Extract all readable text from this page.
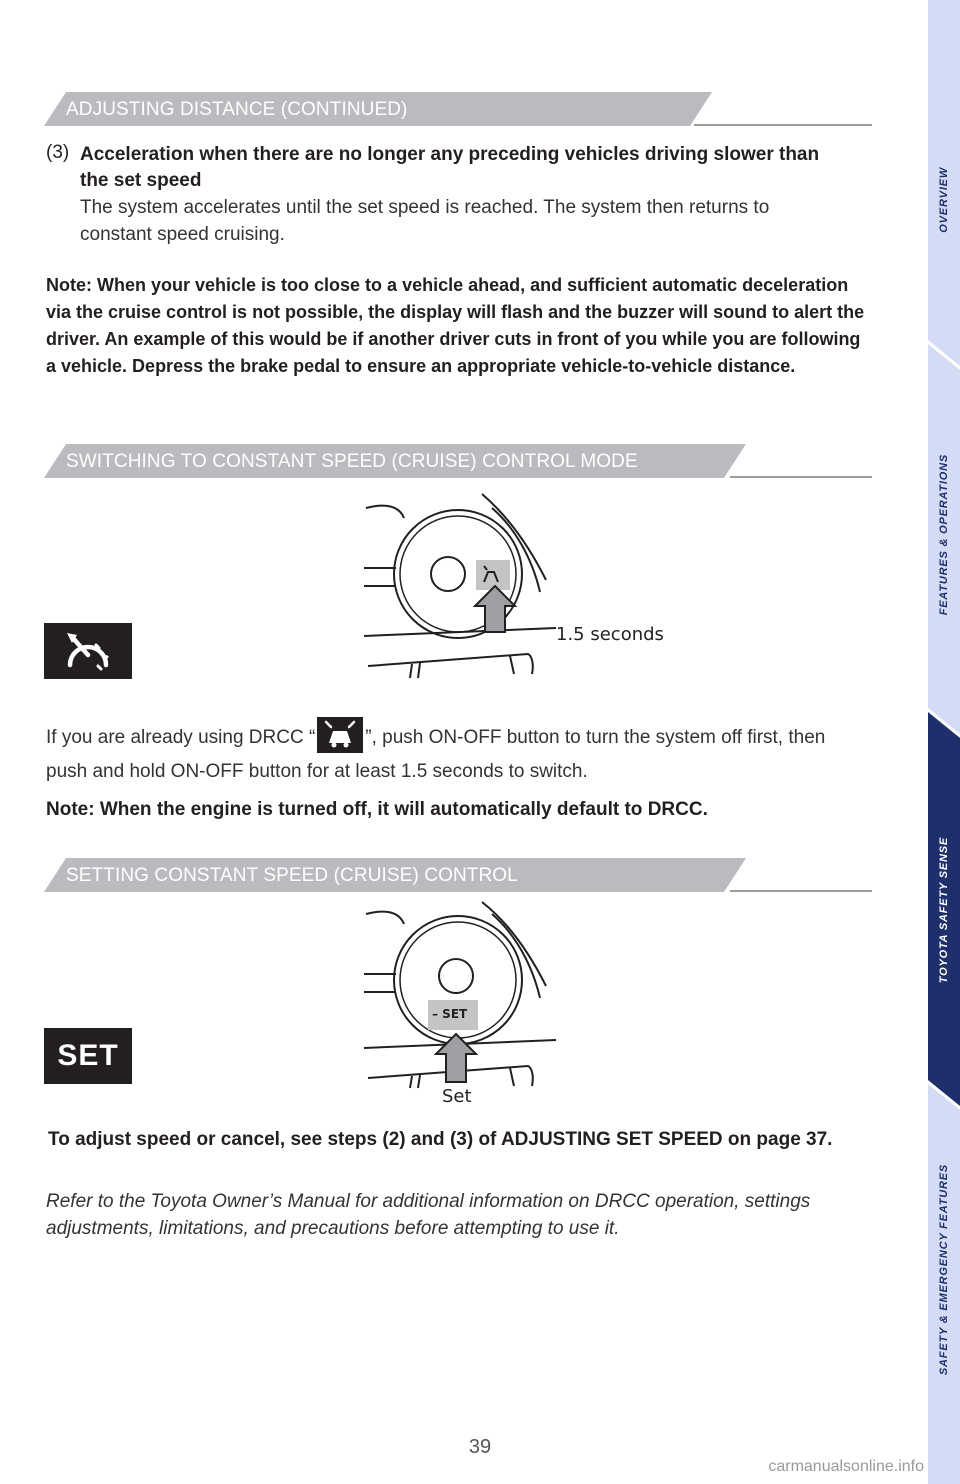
ADJUSTING DISTANCE (CONTINUED)
(3) Acceleration when there are no longer any preceding vehicles driving slower than the set speed
The system accelerates until the set speed is reached. The system then returns to constant speed cruising.
Note: When your vehicle is too close to a vehicle ahead, and sufficient automatic deceleration via the cruise control is not possible, the display will flash and the buzzer will sound to alert the driver. An example of this would be if another driver cuts in front of you while you are following a vehicle. Depress the brake pedal to ensure an appropriate vehicle-to-vehicle distance.
SWITCHING TO CONSTANT SPEED (CRUISE) CONTROL MODE
1.5 seconds
If you are already using DRCC “	”, push ON-OFF button to turn the system off first, then push and hold ON-OFF button for at least 1.5 seconds to switch.
Note: When the engine is turned off, it will automatically default to DRCC.
SETTING CONSTANT SPEED (CRUISE) CONTROL
SET
– SET
Set
To adjust speed or cancel, see steps (2) and (3) of ADJUSTING SET SPEED on page 37.
Refer to the Toyota Owner’s Manual for additional information on DRCC operation, settings adjustments, limitations, and precautions before attempting to use it.
OVERVIEW
FEATURES & OPERATIONS
TOYOTA SAFETY SENSE
SAFETY & EMERGENCY FEATURES
39
carmanualsonline.info
